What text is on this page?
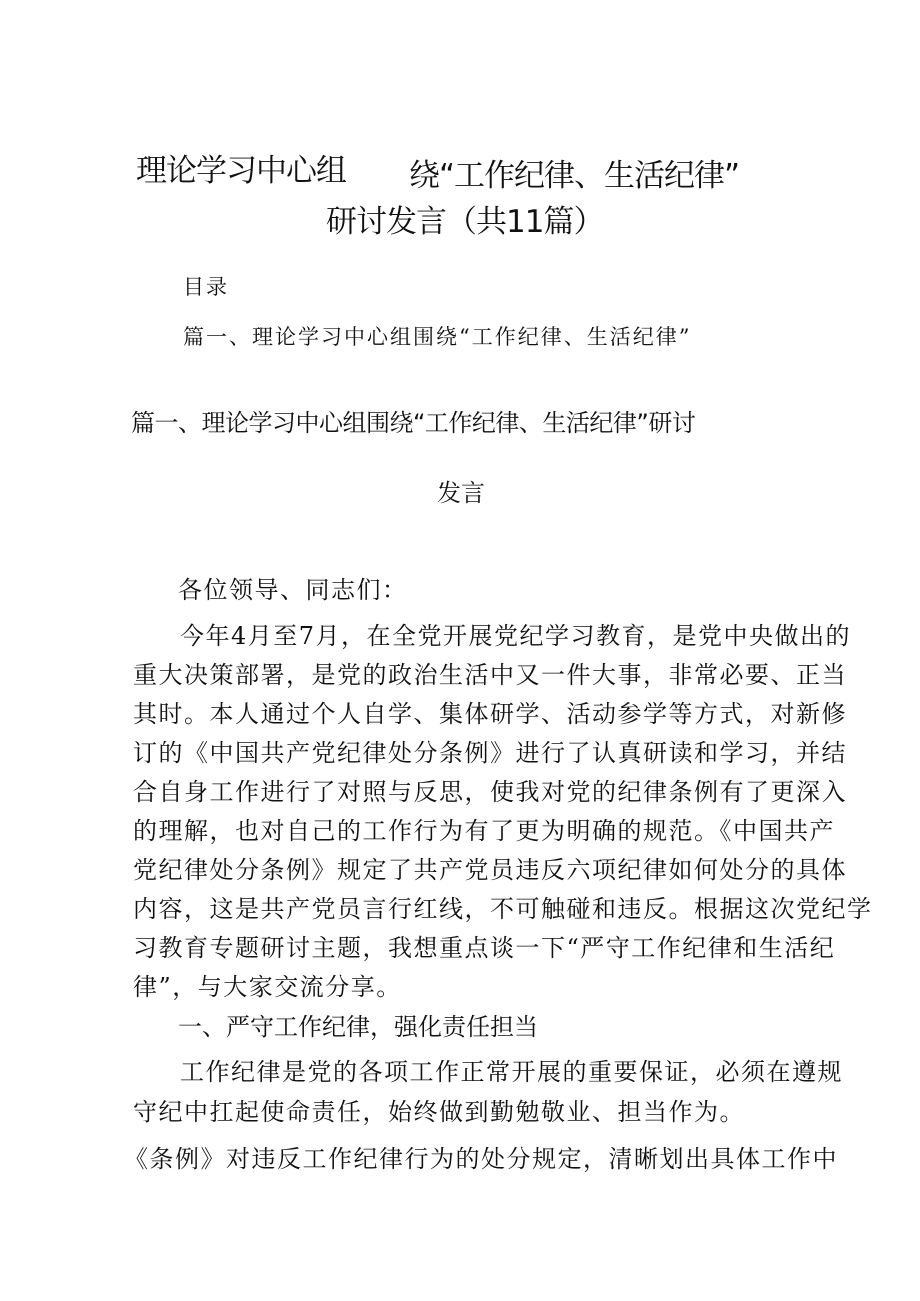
理论学习中心组 绕“工作纪律、生活纪律”
研讨发言（共11篇）
目录
篇一、理论学习中心组围绕“工作纪律、生活纪律”
篇一、理论学习中心组围绕“工作纪律、生活纪律”研讨
发言
各位领导、同志们：
今年4月至7月，在全党开展党纪学习教育，是党中央做出的
重大决策部署，是党的政治生活中又一件大事，非常必要、正当
其时。本人通过个人自学、集体研学、活动参学等方式，对新修
订的《中国共产党纪律处分条例》进行了认真研读和学习，并结
合自身工作进行了对照与反思，使我对党的纪律条例有了更深入
的理解，也对自己的工作行为有了更为明确的规范。《中国共产
党纪律处分条例》规定了共产党员违反六项纪律如何处分的具体
内容，这是共产党员言行红线，不可触碰和违反。根据这次党纪学
习教育专题研讨主题，我想重点谈一下“严守工作纪律和生活纪
律”，与大家交流分享。
一、严守工作纪律，强化责任担当
工作纪律是党的各项工作正常开展的重要保证，必须在遵规
守纪中扛起使命责任，始终做到勤勉敬业、担当作为。
《条例》对违反工作纪律行为的处分规定，清晰划出具体工作中
